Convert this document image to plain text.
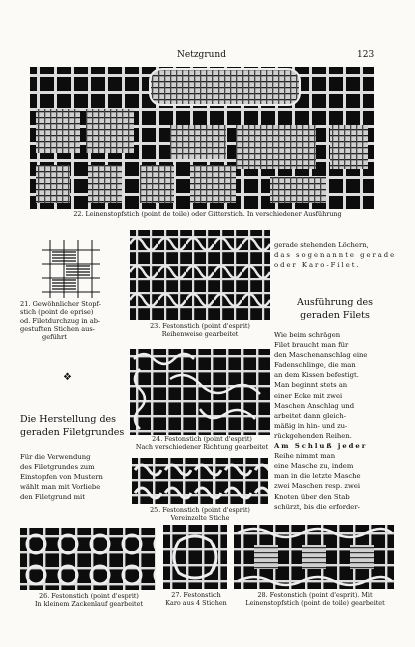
Netzgrund	123
22. Leinenstopfstich (point de toile) oder Gitterstich. In verschiedener Ausführung
21. Gewöhnlicher Stopf-
stich (point de eprise)
od. Filetdurchzug in ab-
gestuften Stichen aus-
geführt
❖
Die Herstellung des
geraden Filetgrundes
Für die Verwendung
des Filetgrundes zum
Einstopfen von Mustern
wählt man mit Vorliebe
den Filetgrund mit
23. Festonstich (point d'esprit)
Reihenweise gearbeitet
24. Festonstich (point d'esprit)
Nach verschiedener Richtung gearbeitet
25. Festonstich (point d'esprit)
Vereinzelte Stiche
gerade stehenden Löchern,
das sogenannte gerade
oder Karo-Filet.
Ausführung des
geraden Filets
Wie beim schrägen
Filet braucht man für
den Maschenanschlag eine
Fadenschlinge, die man
an dem Kissen befestigt.
Man beginnt stets an
einer Ecke mit zwei
Maschen Anschlag und
arbeitet dann gleich-
mäßig in hin- und zu-
rückgehenden Reihen.
Am Schluß jeder
Reihe nimmt man
eine Masche zu, indem
man in die letzte Masche
zwei Maschen resp. zwei
Knoten über den Stab
schürzt, bis die erforder-
26. Festonstich (point d'esprit)
In kleinem Zackenlauf gearbeitet
27. Festonstich
Karo aus 4 Stichen
28. Festonstich (point d'esprit). Mit
Leinenstopfstich (point de toile) gearbeitet
